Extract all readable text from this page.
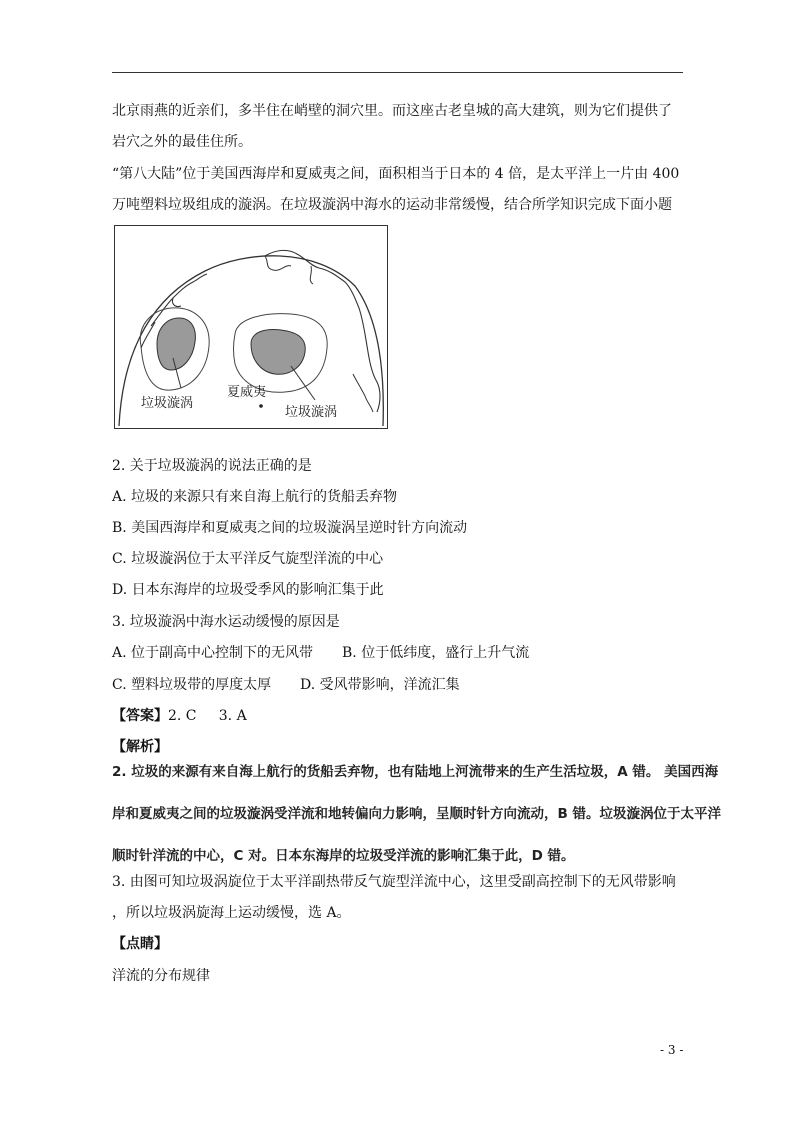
北京雨燕的近亲们，多半住在峭壁的洞穴里。而这座古老皇城的高大建筑，则为它们提供了
岩穴之外的最佳住所。
“第八大陆”位于美国西海岸和夏威夷之间，面积相当于日本的 4 倍，是太平洋上一片由 400
万吨塑料垃圾组成的漩涡。在垃圾漩涡中海水的运动非常缓慢，结合所学知识完成下面小题
垃圾漩涡
夏威夷
垃圾漩涡
2. 关于垃圾漩涡的说法正确的是
A. 垃圾的来源只有来自海上航行的货船丢弃物
B. 美国西海岸和夏威夷之间的垃圾漩涡呈逆时针方向流动
C. 垃圾漩涡位于太平洋反气旋型洋流的中心
D. 日本东海岸的垃圾受季风的影响汇集于此
3. 垃圾漩涡中海水运动缓慢的原因是
A. 位于副高中心控制下的无风带 B. 位于低纬度，盛行上升气流
C. 塑料垃圾带的厚度太厚 D. 受风带影响，洋流汇集
【答案】2. C     3. A
【解析】
2. 垃圾的来源有来自海上航行的货船丢弃物，也有陆地上河流带来的生产生活垃圾，A 错。 美国西海
岸和夏威夷之间的垃圾漩涡受洋流和地转偏向力影响，呈顺时针方向流动，B 错。垃圾漩涡位于太平洋
顺时针洋流的中心，C 对。日本东海岸的垃圾受洋流的影响汇集于此，D 错。
3. 由图可知垃圾涡旋位于太平洋副热带反气旋型洋流中心，这里受副高控制下的无风带影响
，所以垃圾涡旋海上运动缓慢，选 A。
【点睛】
洋流的分布规律
- 3 -
